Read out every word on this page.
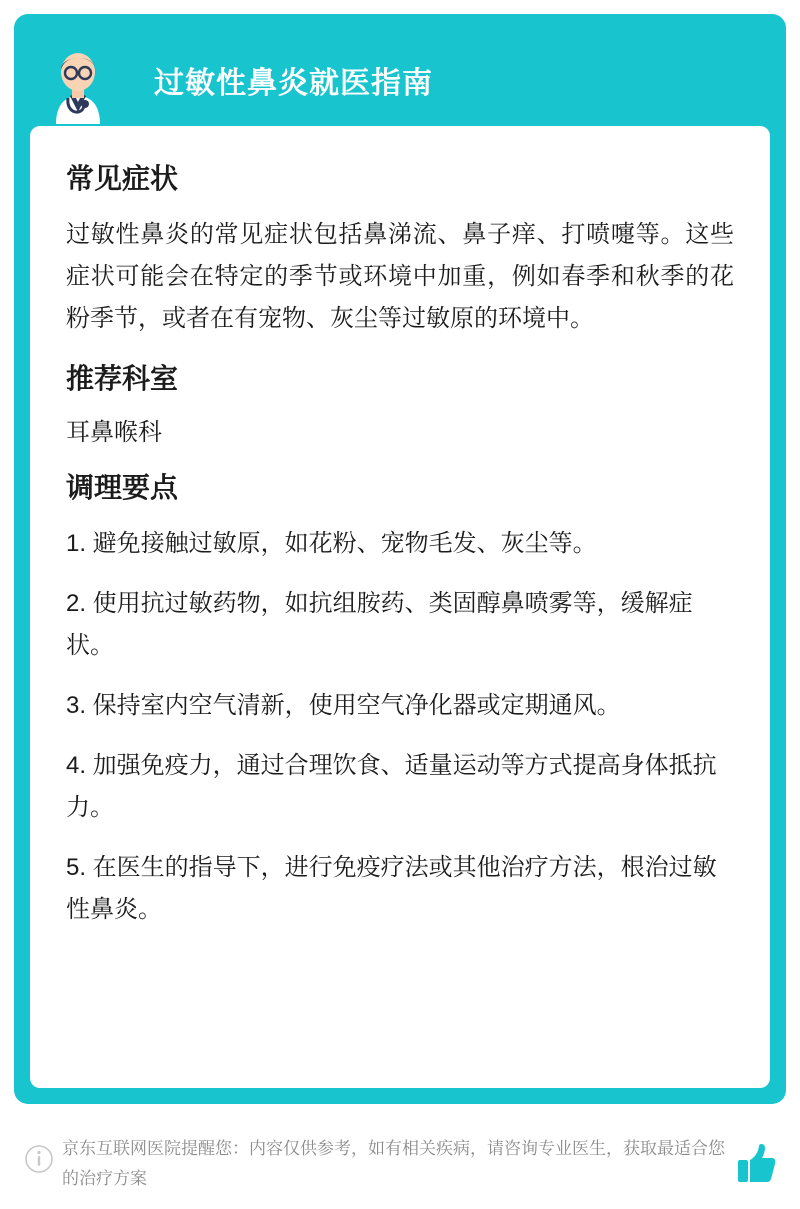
过敏性鼻炎就医指南
常见症状

过敏性鼻炎的常见症状包括鼻涕流、鼻子痒、打喷嚏等。这些症状可能会在特定的季节或环境中加重，例如春季和秋季的花粉季节，或者在有宠物、灰尘等过敏原的环境中。

推荐科室

耳鼻喉科

调理要点
1. 避免接触过敏原，如花粉、宠物毛发、灰尘等。
2. 使用抗过敏药物，如抗组胺药、类固醇鼻喷雾等，缓解症状。
3. 保持室内空气清新，使用空气净化器或定期通风。
4. 加强免疫力，通过合理饮食、适量运动等方式提高身体抵抗力。
5. 在医生的指导下，进行免疫疗法或其他治疗方法，根治过敏性鼻炎。
京东互联网医院提醒您：内容仅供参考，如有相关疾病，请咨询专业医生，获取最适合您的治疗方案
